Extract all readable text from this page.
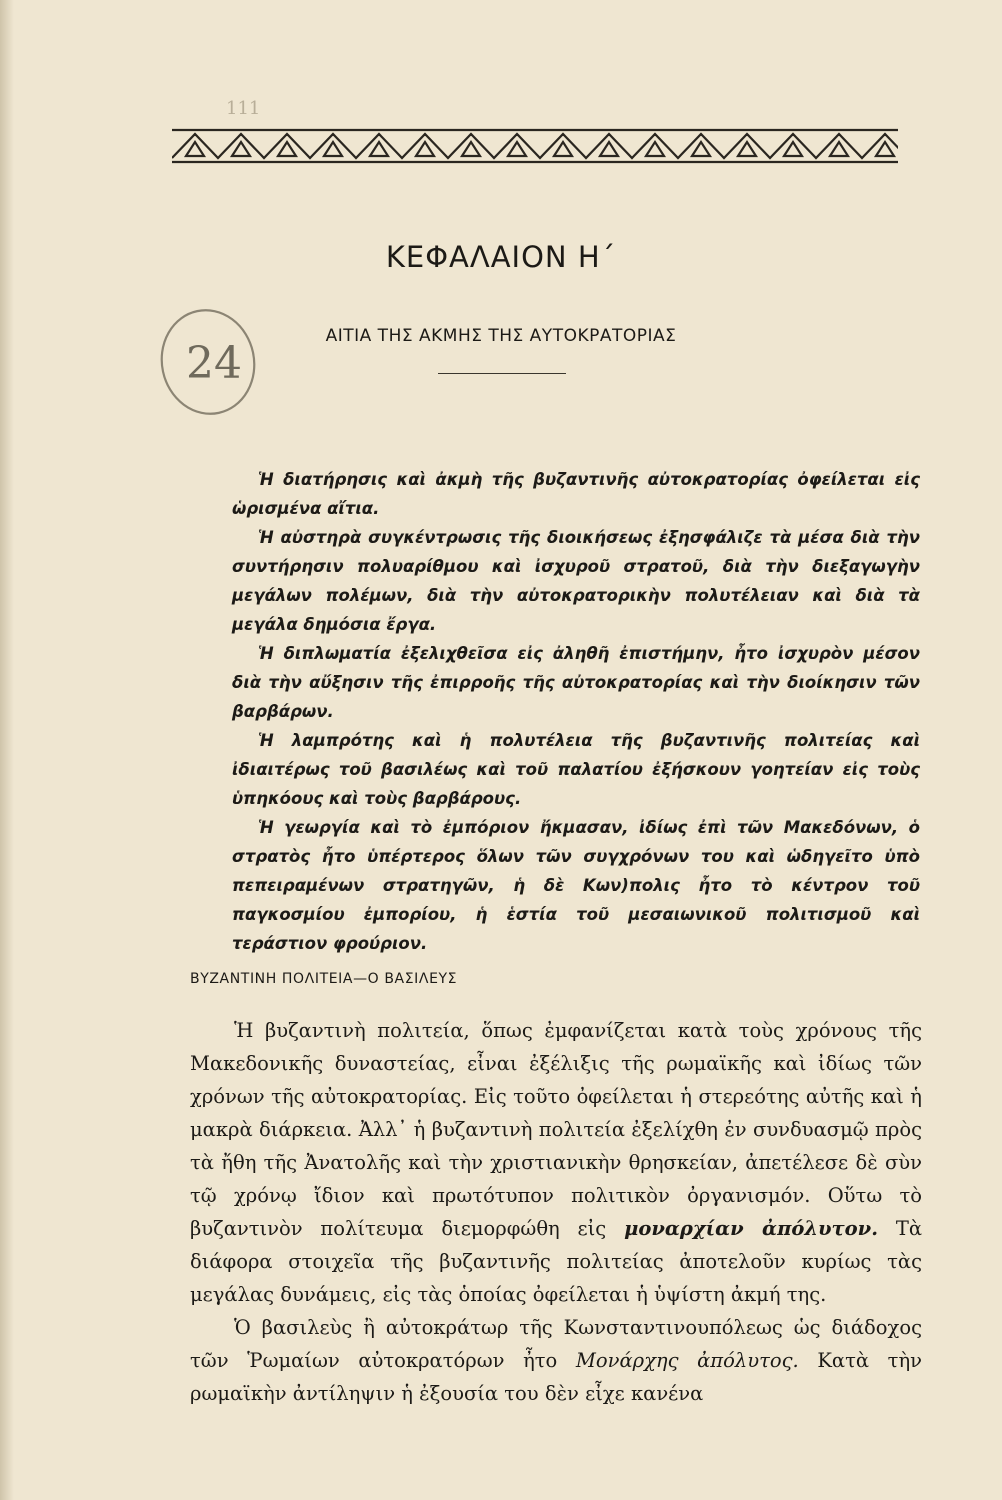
111
24
ΚΕΦΑΛΑΙΟΝ Η΄
ΑΙΤΙΑ ΤΗΣ ΑΚΜΗΣ ΤΗΣ ΑΥΤΟΚΡΑΤΟΡΙΑΣ

Ἡ διατήρησις καὶ ἀκμὴ τῆς βυζαντινῆς αὐτοκρατορίας ὀφείλεται εἰς ὡρισμένα αἴτια.

Ἡ αὐστηρὰ συγκέντρωσις τῆς διοικήσεως ἐξησφάλιζε τὰ μέσα διὰ τὴν συντήρησιν πολυαρίθμου καὶ ἰσχυροῦ στρατοῦ, διὰ τὴν διεξαγωγὴν μεγάλων πολέμων, διὰ τὴν αὐτοκρατορικὴν πολυτέλειαν καὶ διὰ τὰ μεγάλα δημόσια ἔργα.

Ἡ διπλωματία ἐξελιχθεῖσα εἰς ἀληθῆ ἐπιστήμην, ἦτο ἰσχυρὸν μέσον διὰ τὴν αὔξησιν τῆς ἐπιρροῆς τῆς αὐτοκρατορίας καὶ τὴν διοίκησιν τῶν βαρβάρων.

Ἡ λαμπρότης καὶ ἡ πολυτέλεια τῆς βυζαντινῆς πολιτείας καὶ ἰδιαιτέρως τοῦ βασιλέως καὶ τοῦ παλατίου ἐξήσκουν γοητείαν εἰς τοὺς ὑπηκόους καὶ τοὺς βαρβάρους.

Ἡ γεωργία καὶ τὸ ἐμπόριον ἤκμασαν, ἰδίως ἐπὶ τῶν Μακεδόνων, ὁ στρατὸς ἦτο ὑπέρτερος ὅλων τῶν συγχρόνων του καὶ ὡδηγεῖτο ὑπὸ πεπειραμένων στρατηγῶν, ἡ δὲ Κων)πολις ἦτο τὸ κέντρον τοῦ παγκοσμίου ἐμπορίου, ἡ ἑστία τοῦ μεσαιωνικοῦ πολιτισμοῦ καὶ τεράστιον φρούριον.

ΒΥΖΑΝΤΙΝΗ ΠΟΛΙΤΕΙΑ—Ο ΒΑΣΙΛΕΥΣ

Ἡ βυζαντινὴ πολιτεία, ὅπως ἐμφανίζεται κατὰ τοὺς χρόνους τῆς Μακεδονικῆς δυναστείας, εἶναι ἐξέλιξις τῆς ρωμαϊκῆς καὶ ἰδίως τῶν χρόνων τῆς αὐτοκρατορίας. Εἰς τοῦτο ὀφείλεται ἡ στερεότης αὐτῆς καὶ ἡ μακρὰ διάρκεια. Ἀλλ᾽ ἡ βυζαντινὴ πολιτεία ἐξελίχθη ἐν συνδυασμῷ πρὸς τὰ ἤθη τῆς Ἀνατολῆς καὶ τὴν χριστιανικὴν θρησκείαν, ἀπετέλεσε δὲ σὺν τῷ χρόνῳ ἴδιον καὶ πρωτότυπον πολιτικὸν ὀργανισμόν. Οὕτω τὸ βυζαντινὸν πολίτευμα διεμορφώθη εἰς μοναρχίαν ἀπόλυτον. Τὰ διάφορα στοιχεῖα τῆς βυζαντινῆς πολιτείας ἀποτελοῦν κυρίως τὰς μεγάλας δυνάμεις, εἰς τὰς ὁποίας ὀφείλεται ἡ ὑψίστη ἀκμή της.

Ὁ βασιλεὺς ἢ αὐτοκράτωρ τῆς Κωνσταντινουπόλεως ὡς διάδοχος τῶν Ῥωμαίων αὐτοκρατόρων ἦτο Μονάρχης ἀπόλυτος. Κατὰ τὴν ρωμαϊκὴν ἀντίληψιν ἡ ἐξουσία του δὲν εἶχε κανένα
